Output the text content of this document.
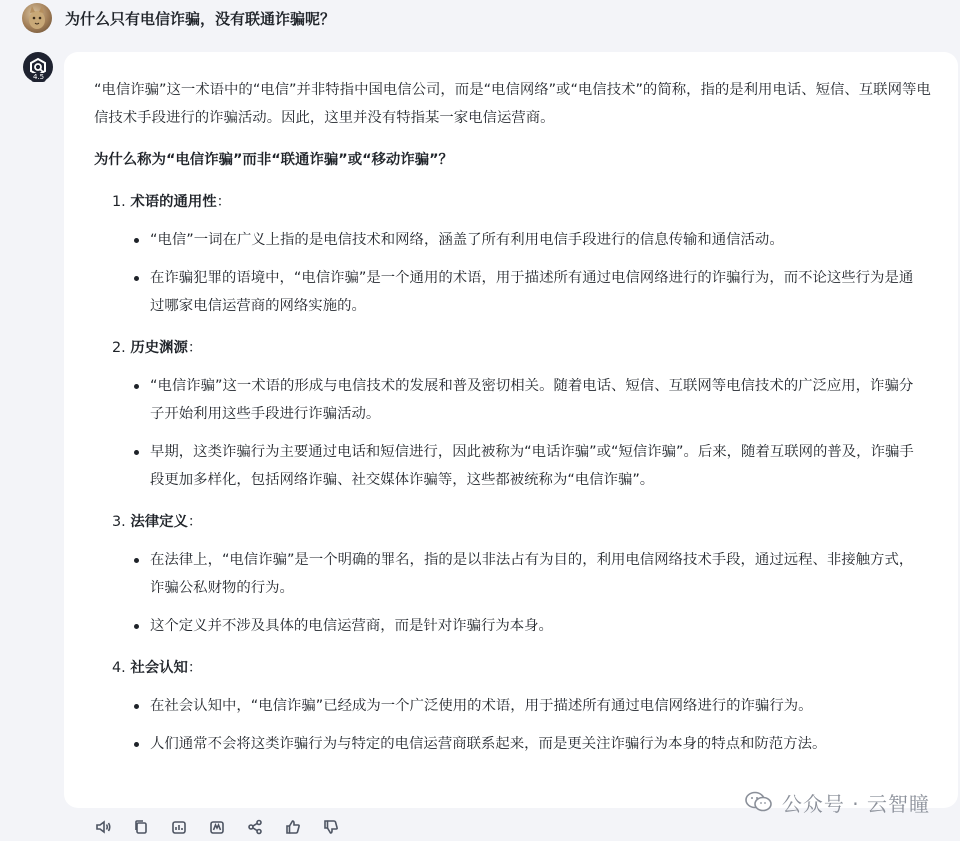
为什么只有电信诈骗，没有联通诈骗呢？
4.5

“电信诈骗”这一术语中的“电信”并非特指中国电信公司，而是“电信网络”或“电信技术”的简称，指的是利用电话、短信、互联网等电信技术手段进行的诈骗活动。因此，这里并没有特指某一家电信运营商。

为什么称为“电信诈骗”而非“联通诈骗”或“移动诈骗”？

1. 术语的通用性：
“电信”一词在广义上指的是电信技术和网络，涵盖了所有利用电信手段进行的信息传输和通信活动。
在诈骗犯罪的语境中，“电信诈骗”是一个通用的术语，用于描述所有通过电信网络进行的诈骗行为，而不论这些行为是通过哪家电信运营商的网络实施的。
2. 历史渊源：
“电信诈骗”这一术语的形成与电信技术的发展和普及密切相关。随着电话、短信、互联网等电信技术的广泛应用，诈骗分子开始利用这些手段进行诈骗活动。
早期，这类诈骗行为主要通过电话和短信进行，因此被称为“电话诈骗”或“短信诈骗”。后来，随着互联网的普及，诈骗手段更加多样化，包括网络诈骗、社交媒体诈骗等，这些都被统称为“电信诈骗”。
3. 法律定义：
在法律上，“电信诈骗”是一个明确的罪名，指的是以非法占有为目的，利用电信网络技术手段，通过远程、非接触方式，诈骗公私财物的行为。
这个定义并不涉及具体的电信运营商，而是针对诈骗行为本身。
4. 社会认知：
在社会认知中，“电信诈骗”已经成为一个广泛使用的术语，用于描述所有通过电信网络进行的诈骗行为。
人们通常不会将这类诈骗行为与特定的电信运营商联系起来，而是更关注诈骗行为本身的特点和防范方法。
公众号 · 云智瞳
